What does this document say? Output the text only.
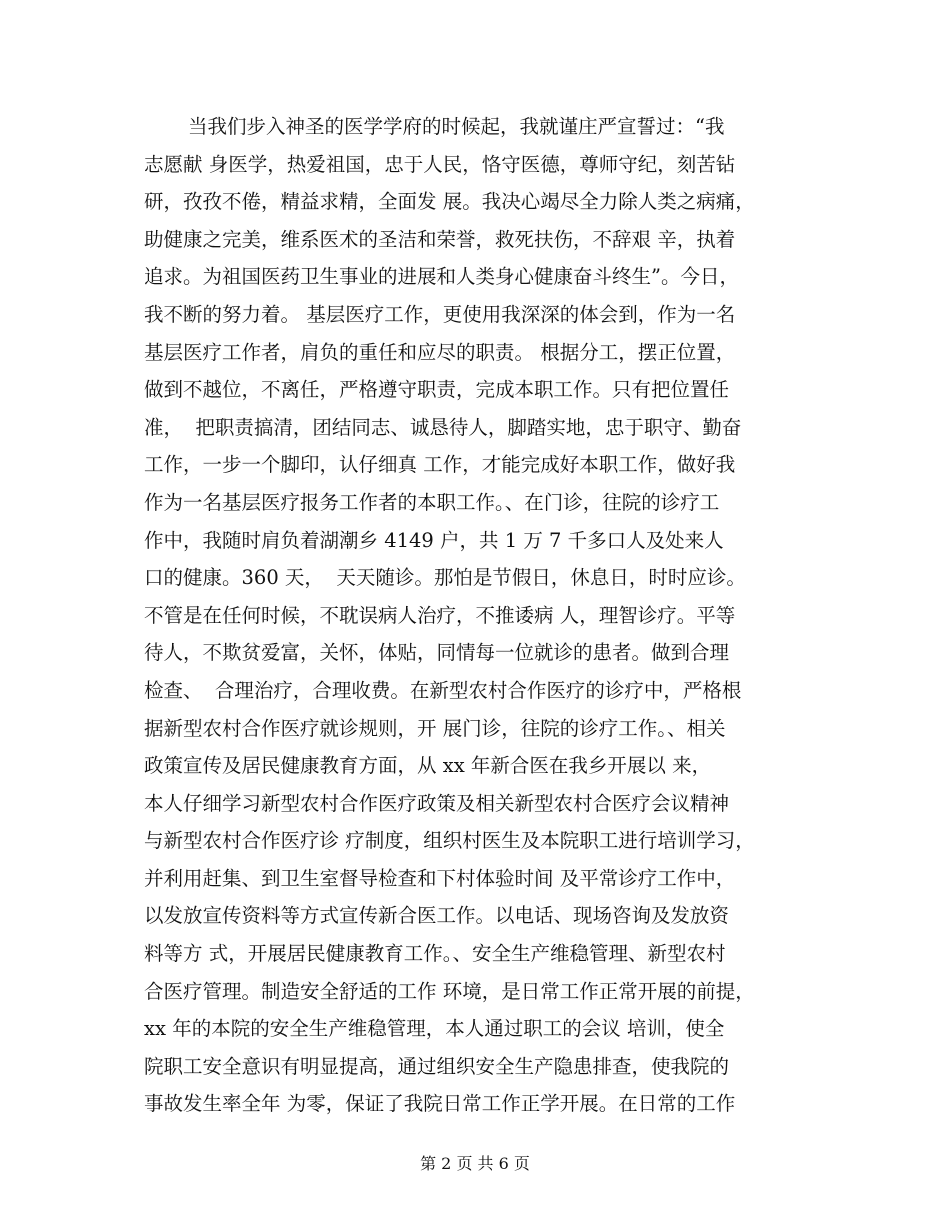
当我们步入神圣的医学学府的时候起，我就谨庄严宣誓过：“我
志愿献 身医学，热爱祖国，忠于人民，恪守医德，尊师守纪，刻苦钻
研，孜孜不倦，精益求精，全面发 展。我决心竭尽全力除人类之病痛，
助健康之完美，维系医术的圣洁和荣誉，救死扶伤，不辞艰 辛，执着
追求。为祖国医药卫生事业的进展和人类身心健康奋斗终生”。今日，
我不断的努力着。 基层医疗工作，更使用我深深的体会到，作为一名
基层医疗工作者，肩负的重任和应尽的职责。 根据分工，摆正位置，
做到不越位，不离任，严格遵守职责，完成本职工作。只有把位置任
准，  把职责搞清，团结同志、诚恳待人，脚踏实地，忠于职守、勤奋
工作，一步一个脚印，认仔细真 工作，才能完成好本职工作，做好我
作为一名基层医疗报务工作者的本职工作。、在门诊，往院的诊疗工
作中，我随时肩负着湖潮乡 4149 户，共 1 万 7 千多口人及处来人
口的健康。360 天，  天天随诊。那怕是节假日，休息日，时时应诊。
不管是在任何时候，不耽误病人治疗，不推诿病 人，理智诊疗。平等
待人，不欺贫爱富，关怀，体贴，同情每一位就诊的患者。做到合理
检查、  合理治疗，合理收费。在新型农村合作医疗的诊疗中，严格根
据新型农村合作医疗就诊规则，开 展门诊，往院的诊疗工作。、相关
政策宣传及居民健康教育方面，从 xx 年新合医在我乡开展以 来，
本人仔细学习新型农村合作医疗政策及相关新型农村合医疗会议精神
与新型农村合作医疗诊 疗制度，组织村医生及本院职工进行培训学习，
并利用赶集、到卫生室督导检查和下村体验时间 及平常诊疗工作中，
以发放宣传资料等方式宣传新合医工作。以电话、现场咨询及发放资
料等方 式，开展居民健康教育工作。、安全生产维稳管理、新型农村
合医疗管理。制造安全舒适的工作 环境，是日常工作正常开展的前提，
xx 年的本院的安全生产维稳管理，本人通过职工的会议 培训，使全
院职工安全意识有明显提高，通过组织安全生产隐患排查，使我院的
事故发生率全年 为零，保证了我院日常工作正学开展。在日常的工作
第 2 页 共 6 页
